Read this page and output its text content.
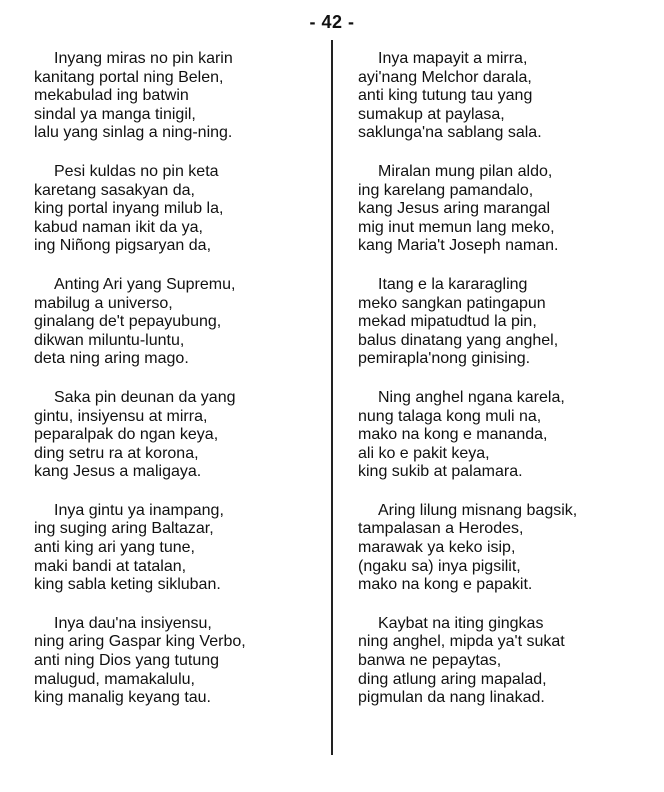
- 42 -
Inyang miras no pin karin
kanitang portal ning Belen,
mekabulad ing batwin
sindal ya manga tinigil,
lalu yang sinlag a ning-ning.
Pesi kuldas no pin keta
karetang sasakyan da,
king portal inyang milub la,
kabud naman ikit da ya,
ing Niñong pigsaryan da,
Anting Ari yang Supremu,
mabilug a universo,
ginalang de't pepayubung,
dikwan miluntu-luntu,
deta ning aring mago.
Saka pin deunan da yang
gintu, insiyensu at mirra,
peparalpak do ngan keya,
ding setru ra at korona,
kang Jesus a maligaya.
Inya gintu ya inampang,
ing suging aring Baltazar,
anti king ari yang tune,
maki bandi at tatalan,
king sabla keting sikluban.
Inya dau'na insiyensu,
ning aring Gaspar king Verbo,
anti ning Dios yang tutung
malugud, mamakalulu,
king manalig keyang tau.
Inya mapayit a mirra,
ayi'nang Melchor darala,
anti king tutung tau yang
sumakup at paylasa,
saklunga'na sablang sala.
Miralan mung pilan aldo,
ing karelang pamandalo,
kang Jesus aring marangal
mig inut memun lang meko,
kang Maria't Joseph naman.
Itang e la kararagling
meko sangkan patingapun
mekad mipatudtud la pin,
balus dinatang yang anghel,
pemirapla'nong ginising.
Ning anghel ngana karela,
nung talaga kong muli na,
mako na kong e mananda,
ali ko e pakit keya,
king sukib at palamara.
Aring lilung misnang bagsik,
tampalasan a Herodes,
marawak ya keko isip,
(ngaku sa) inya pigsilit,
mako na kong e papakit.
Kaybat na iting gingkas
ning anghel, mipda ya't sukat
banwa ne pepaytas,
ding atlung aring mapalad,
pigmulan da nang linakad.
